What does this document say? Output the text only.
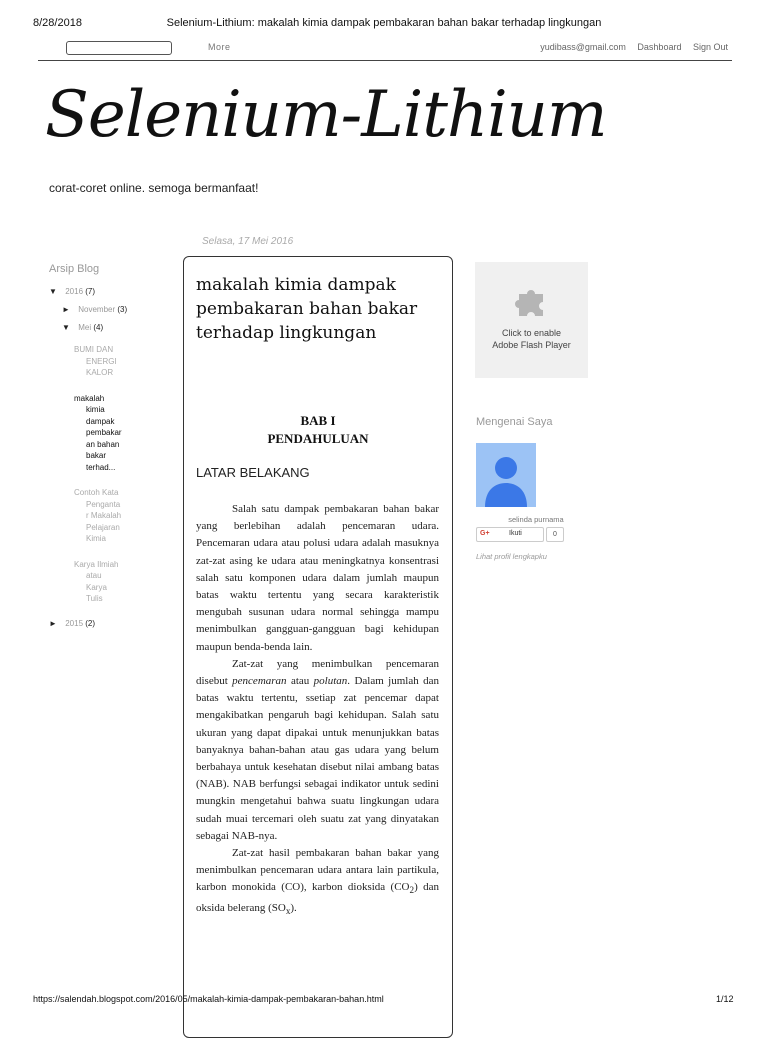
8/28/2018	Selenium-Lithium: makalah kimia dampak pembakaran bahan bakar terhadap lingkungan
More	yudibass@gmail.com Dashboard Sign Out
Selenium-Lithium
corat-coret online. semoga bermanfaat!
Selasa, 17 Mei 2016
Arsip Blog
▼ 2016 (7)
► November (3)
▼ Mei (4)
BUMI DAN
ENERGI
KALOR
makalah
kimia
dampak
pembakar
an bahan
bakar
terhad...
Contoh Kata
Penganta
r Makalah
Pelajaran
Kimia
Karya Ilmiah
atau
Karya
Tulis
► 2015 (2)
makalah kimia dampak pembakaran bahan bakar terhadap lingkungan
BAB I
PENDAHULUAN
LATAR BELAKANG

Salah satu dampak pembakaran bahan bakar yang berlebihan adalah pencemaran udara. Pencemaran udara atau polusi udara adalah masuknya zat-zat asing ke udara atau meningkatnya konsentrasi salah satu komponen udara dalam jumlah maupun batas waktu tertentu yang secara karakteristik mengubah susunan udara normal sehingga mampu menimbulkan gangguan-gangguan bagi kehidupan maupun benda-benda lain.

Zat-zat yang menimbulkan pencemaran disebut pencemaran atau polutan. Dalam jumlah dan batas waktu tertentu, ssetiap zat pencemar dapat mengakibatkan pengaruh bagi kehidupan. Salah satu ukuran yang dapat dipakai untuk menunjukkan batas banyaknya bahan-bahan atau gas udara yang belum berbahaya untuk kesehatan disebut nilai ambang batas (NAB). NAB berfungsi sebagai indikator untuk sedini mungkin mengetahui bahwa suatu lingkungan udara sudah muai tercemari oleh suatu zat yang dinyatakan sebagai NAB-nya.

Zat-zat hasil pembakaran bahan bakar yang menimbulkan pencemaran udara antara lain partikula, karbon monokida (CO), karbon dioksida $(CO_2)$ dan oksida belerang $(SO_x)$.

Click to enable
Adobe Flash Player
Mengenai Saya
selinda purnama
G+	Ikuti	0
Lihat profil lengkapku
https://salendah.blogspot.com/2016/05/makalah-kimia-dampak-pembakaran-bahan.html	1/12
